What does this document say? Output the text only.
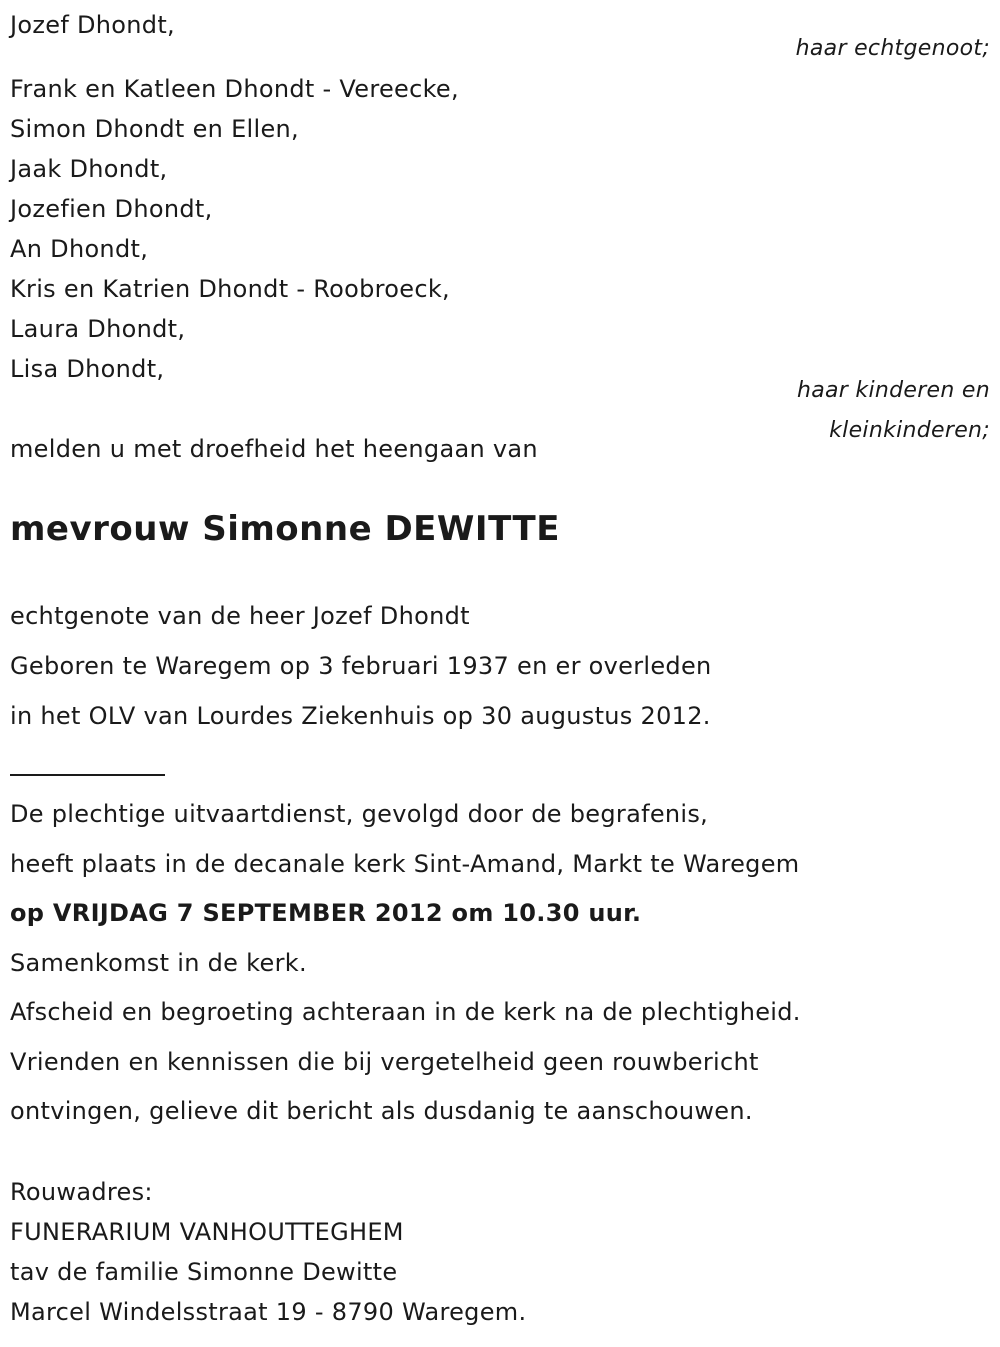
Jozef Dhondt,
haar echtgenoot;
Frank en Katleen Dhondt - Vereecke,
Simon Dhondt en Ellen,
Jaak Dhondt,
Jozefien Dhondt,
An Dhondt,
Kris en Katrien Dhondt - Roobroeck,
Laura Dhondt,
Lisa Dhondt,
haar kinderen en
kleinkinderen;
melden u met droefheid het heengaan van
mevrouw Simonne DEWITTE
echtgenote van de heer Jozef Dhondt
Geboren te Waregem op 3 februari 1937 en er overleden
in het OLV van Lourdes Ziekenhuis op 30 augustus 2012.
De plechtige uitvaartdienst, gevolgd door de begrafenis,
heeft plaats in de decanale kerk Sint-Amand, Markt te Waregem
op VRIJDAG 7 SEPTEMBER 2012 om 10.30 uur.
Samenkomst in de kerk.
Afscheid en begroeting achteraan in de kerk na de plechtigheid.
Vrienden en kennissen die bij vergetelheid geen rouwbericht
ontvingen, gelieve dit bericht als dusdanig te aanschouwen.
Rouwadres:
FUNERARIUM VANHOUTTEGHEM
tav de familie Simonne Dewitte
Marcel Windelsstraat 19 - 8790 Waregem.
